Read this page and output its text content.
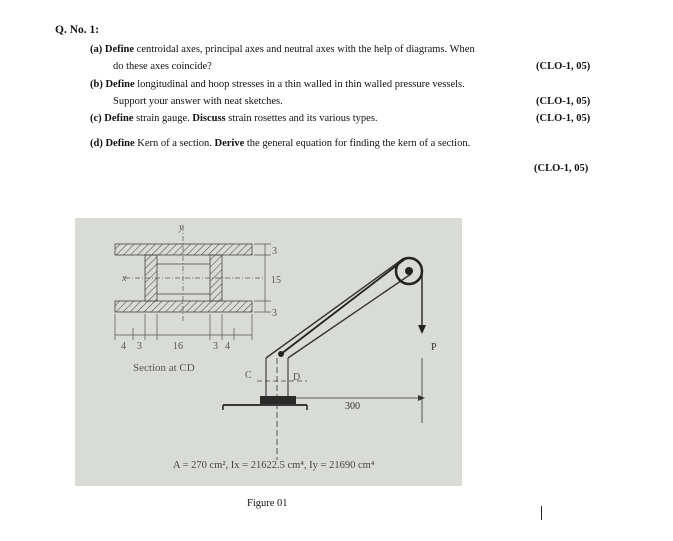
Q. No. 1:
(a) Define centroidal axes, principal axes and neutral axes with the help of diagrams. When
do these axes coincide?	(CLO-1, 05)
(b) Define longitudinal and hoop stresses in a thin walled in thin walled pressure vessels.
Support your answer with neat sketches.	(CLO-1, 05)
(c) Define strain gauge. Discuss strain rosettes and its various types.	(CLO-1, 05)
(d) Define Kern of a section. Derive the general equation for finding the kern of a section.
(CLO-1, 05)
y
x
3
15
3
4 3	16	3 4
Section at CD
C	D
P
300
A = 270 cm², Ix = 21622.5 cm⁴, Iy = 21690 cm⁴
Figure 01
